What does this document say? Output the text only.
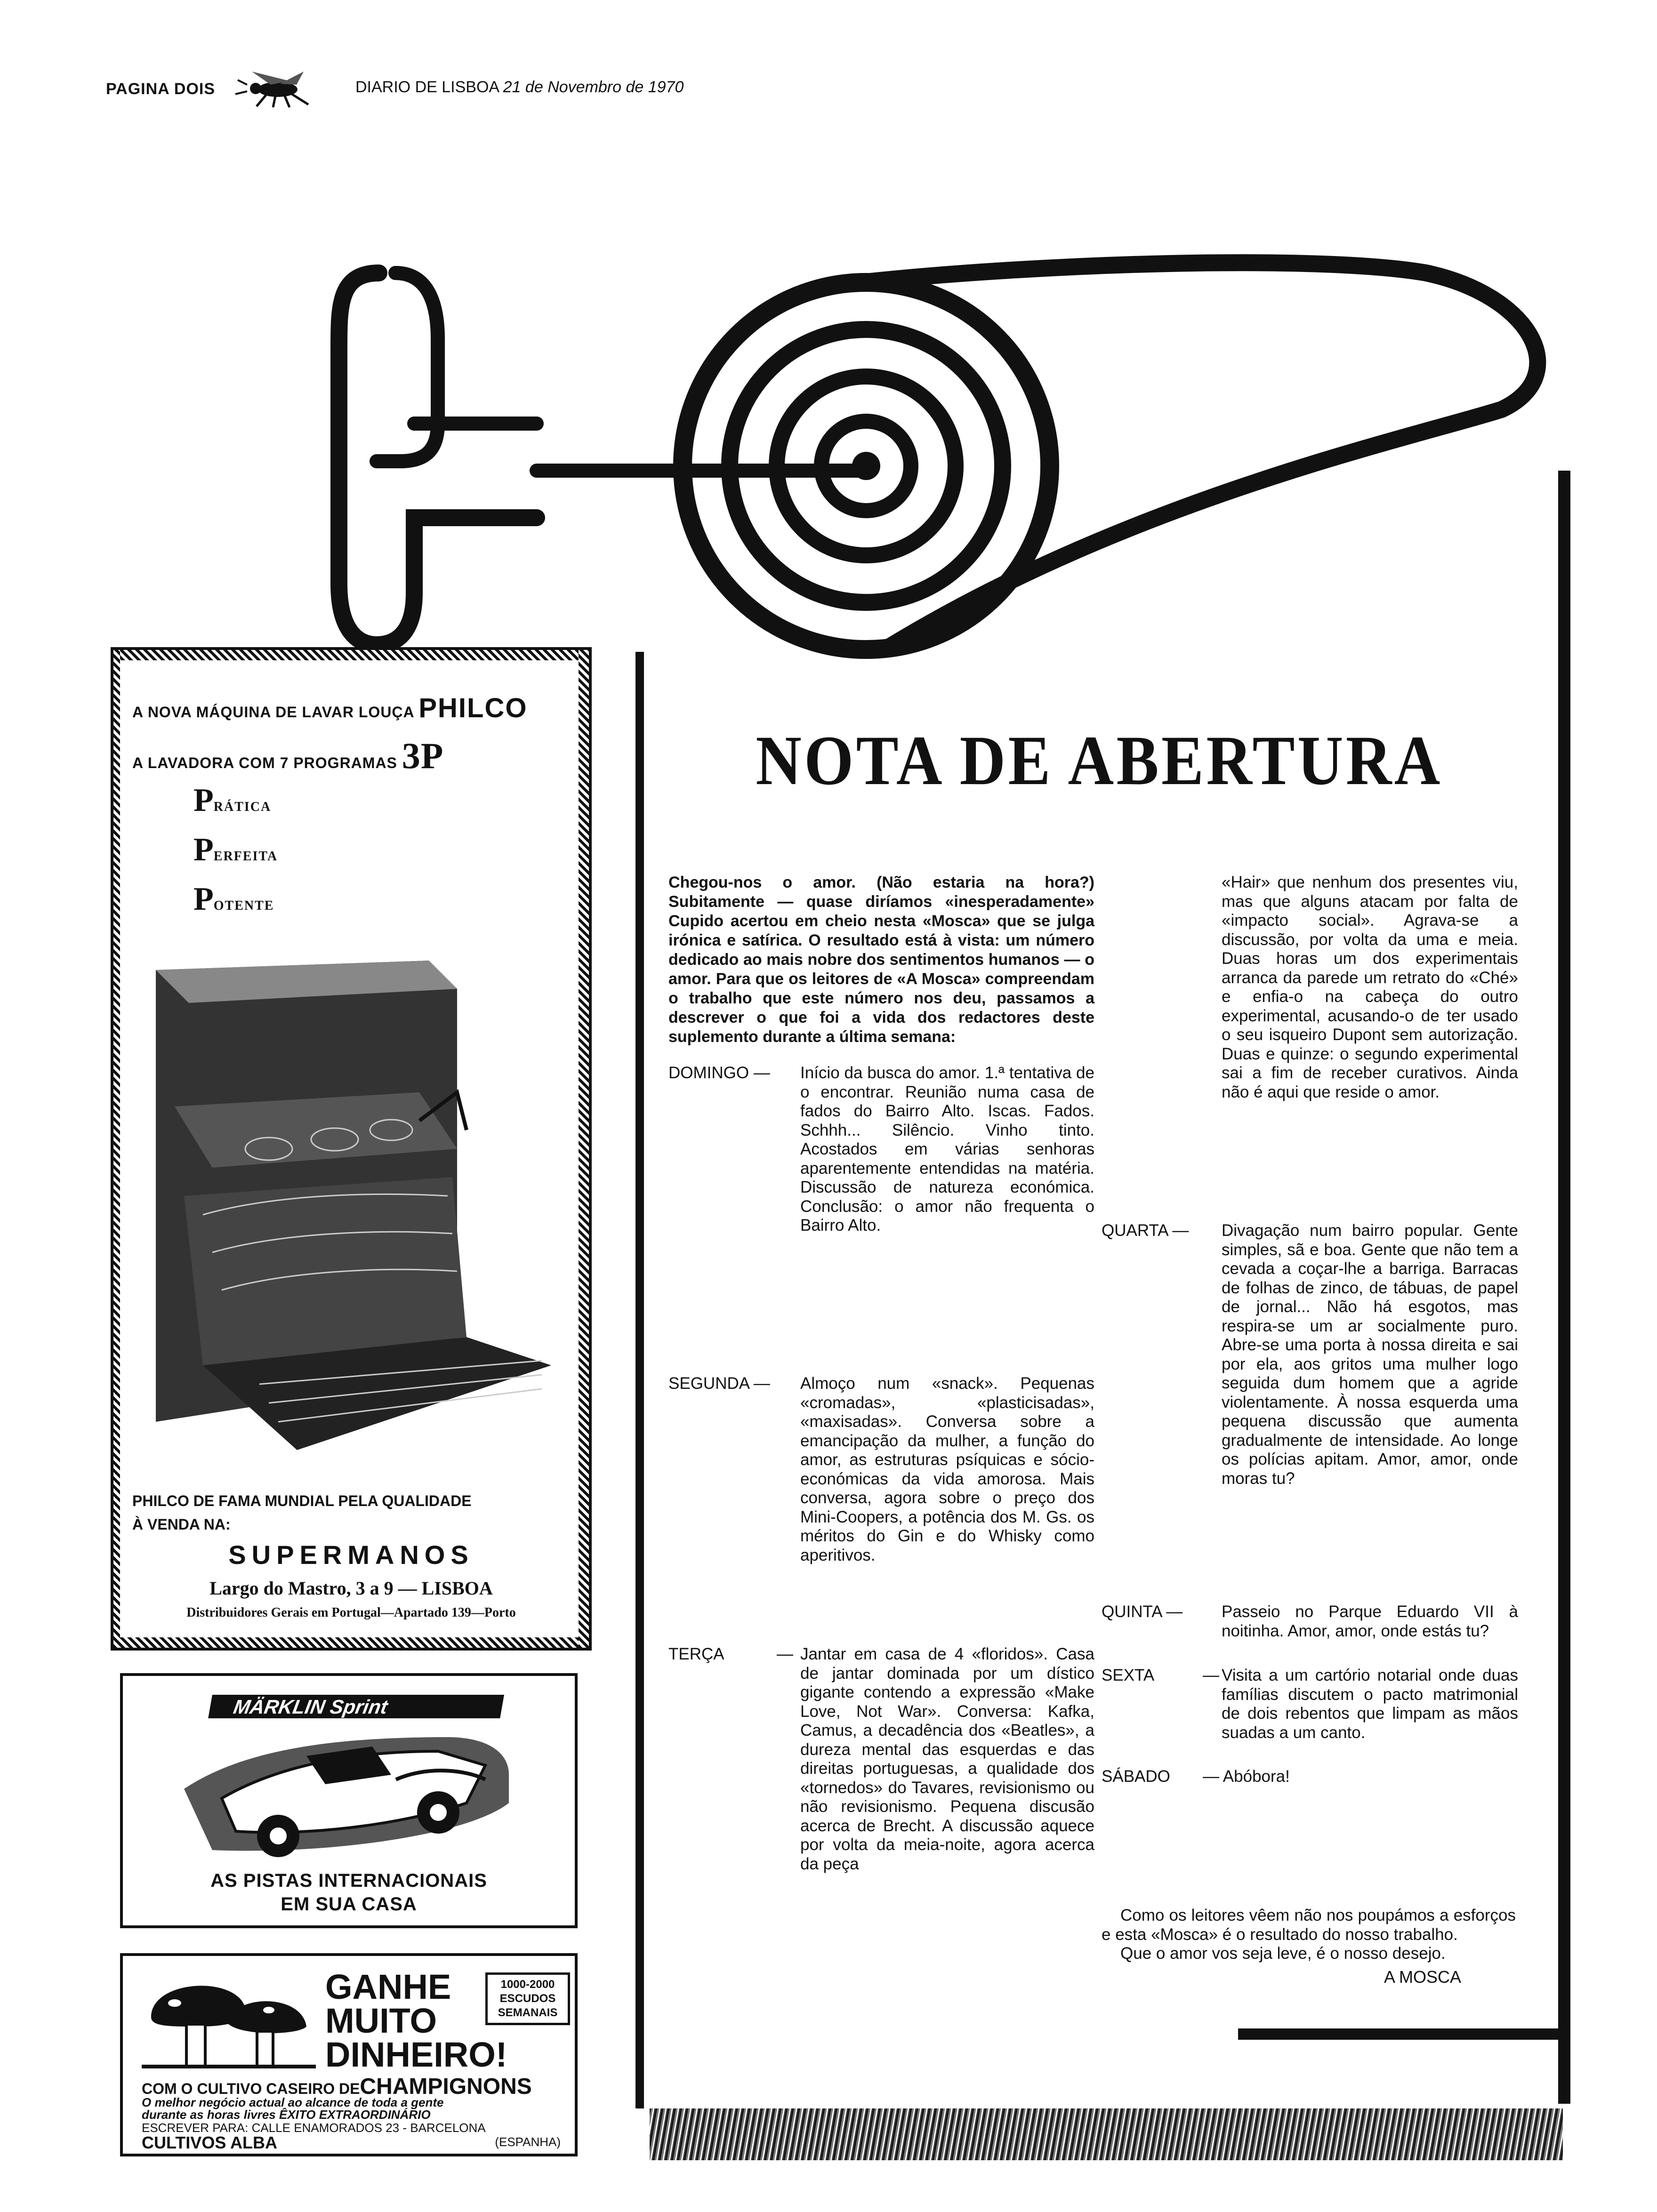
PAGINA DOIS	DIARIO DE LISBOA 21 de Novembro de 1970
A NOVA MÁQUINA DE LAVAR LOUÇA PHILCO
A LAVADORA COM 7 PROGRAMAS 3P
PRÁTICA
PERFEITA
POTENTE
PHILCO DE FAMA MUNDIAL PELA QUALIDADE
À VENDA NA:
SUPERMANOS
Largo do Mastro, 3 a 9 — LISBOA
Distribuidores Gerais em Portugal—Apartado 139—Porto
MÄRKLIN Sprint
AS PISTAS INTERNACIONAIS
EM SUA CASA
GANHE
MUITO
DINHEIRO!
1000-2000
ESCUDOS
SEMANAIS
COM O CULTIVO CASEIRO DECHAMPIGNONS
O melhor negócio actual ao alcance de toda a gente
durante as horas livres ÊXITO EXTRAORDINÁRIO
ESCREVER PARA: CALLE ENAMORADOS 23 - BARCELONA
CULTIVOS ALBA	(ESPANHA)
NOTA DE ABERTURA
Chegou-nos o amor. (Não estaria na hora?) Subitamente — quase diríamos «inesperadamente» Cupido acertou em cheio nesta «Mosca» que se julga irónica e satírica. O resultado está à vista: um número dedicado ao mais nobre dos sentimentos humanos — o amor. Para que os leitores de «A Mosca» compreendam o trabalho que este número nos deu, passamos a descrever o que foi a vida dos redactores deste suplemento durante a última semana:
DOMINGO — Início da busca do amor. 1.ª tentativa de o encontrar. Reunião numa casa de fados do Bairro Alto. Iscas. Fados. Schhh... Silêncio. Vinho tinto. Acostados em várias senhoras aparentemente entendidas na matéria. Discussão de natureza económica. Conclusão: o amor não frequenta o Bairro Alto.
SEGUNDA — Almoço num «snack». Pequenas «cromadas», «plasticisadas», «maxisadas». Conversa sobre a emancipação da mulher, a função do amor, as estruturas psíquicas e sócio-económicas da vida amorosa. Mais conversa, agora sobre o preço dos Mini-Coopers, a potência dos M. Gs. os méritos do Gin e do Whisky como aperitivos.
TERÇA	— Jantar em casa de 4 «floridos». Casa de jantar dominada por um dístico gigante contendo a expressão «Make Love, Not War». Conversa: Kafka, Camus, a decadência dos «Beatles», a dureza mental das esquerdas e das direitas portuguesas, a qualidade dos «tornedos» do Tavares, revisionismo ou não revisionismo. Pequena discusão acerca de Brecht. A discussão aquece por volta da meia-noite, agora acerca da peça
«Hair» que nenhum dos presentes viu, mas que alguns atacam por falta de «impacto social». Agrava-se a discussão, por volta da uma e meia. Duas horas um dos experimentais arranca da parede um retrato do «Ché» e enfia-o na cabeça do outro experimental, acusando-o de ter usado o seu isqueiro Dupont sem autorização. Duas e quinze: o segundo experimental sai a fim de receber curativos. Ainda não é aqui que reside o amor.
QUARTA — Divagação num bairro popular. Gente simples, sã e boa. Gente que não tem a cevada a coçar-lhe a barriga. Barracas de folhas de zinco, de tábuas, de papel de jornal... Não há esgotos, mas respira-se um ar socialmente puro. Abre-se uma porta à nossa direita e sai por ela, aos gritos uma mulher logo seguida dum homem que a agride violentamente. À nossa esquerda uma pequena discussão que aumenta gradualmente de intensidade. Ao longe os polícias apitam. Amor, amor, onde moras tu?
QUINTA — Passeio no Parque Eduardo VII à noitinha. Amor, amor, onde estás tu?
SEXTA	— Visita a um cartório notarial onde duas famílias discutem o pacto matrimonial de dois rebentos que limpam as mãos suadas a um canto.
SÁBADO — Abóbora!

Como os leitores vêem não nos poupámos a esforços e esta «Mosca» é o resultado do nosso trabalho.

Que o amor vos seja leve, é o nosso desejo.

A MOSCA
